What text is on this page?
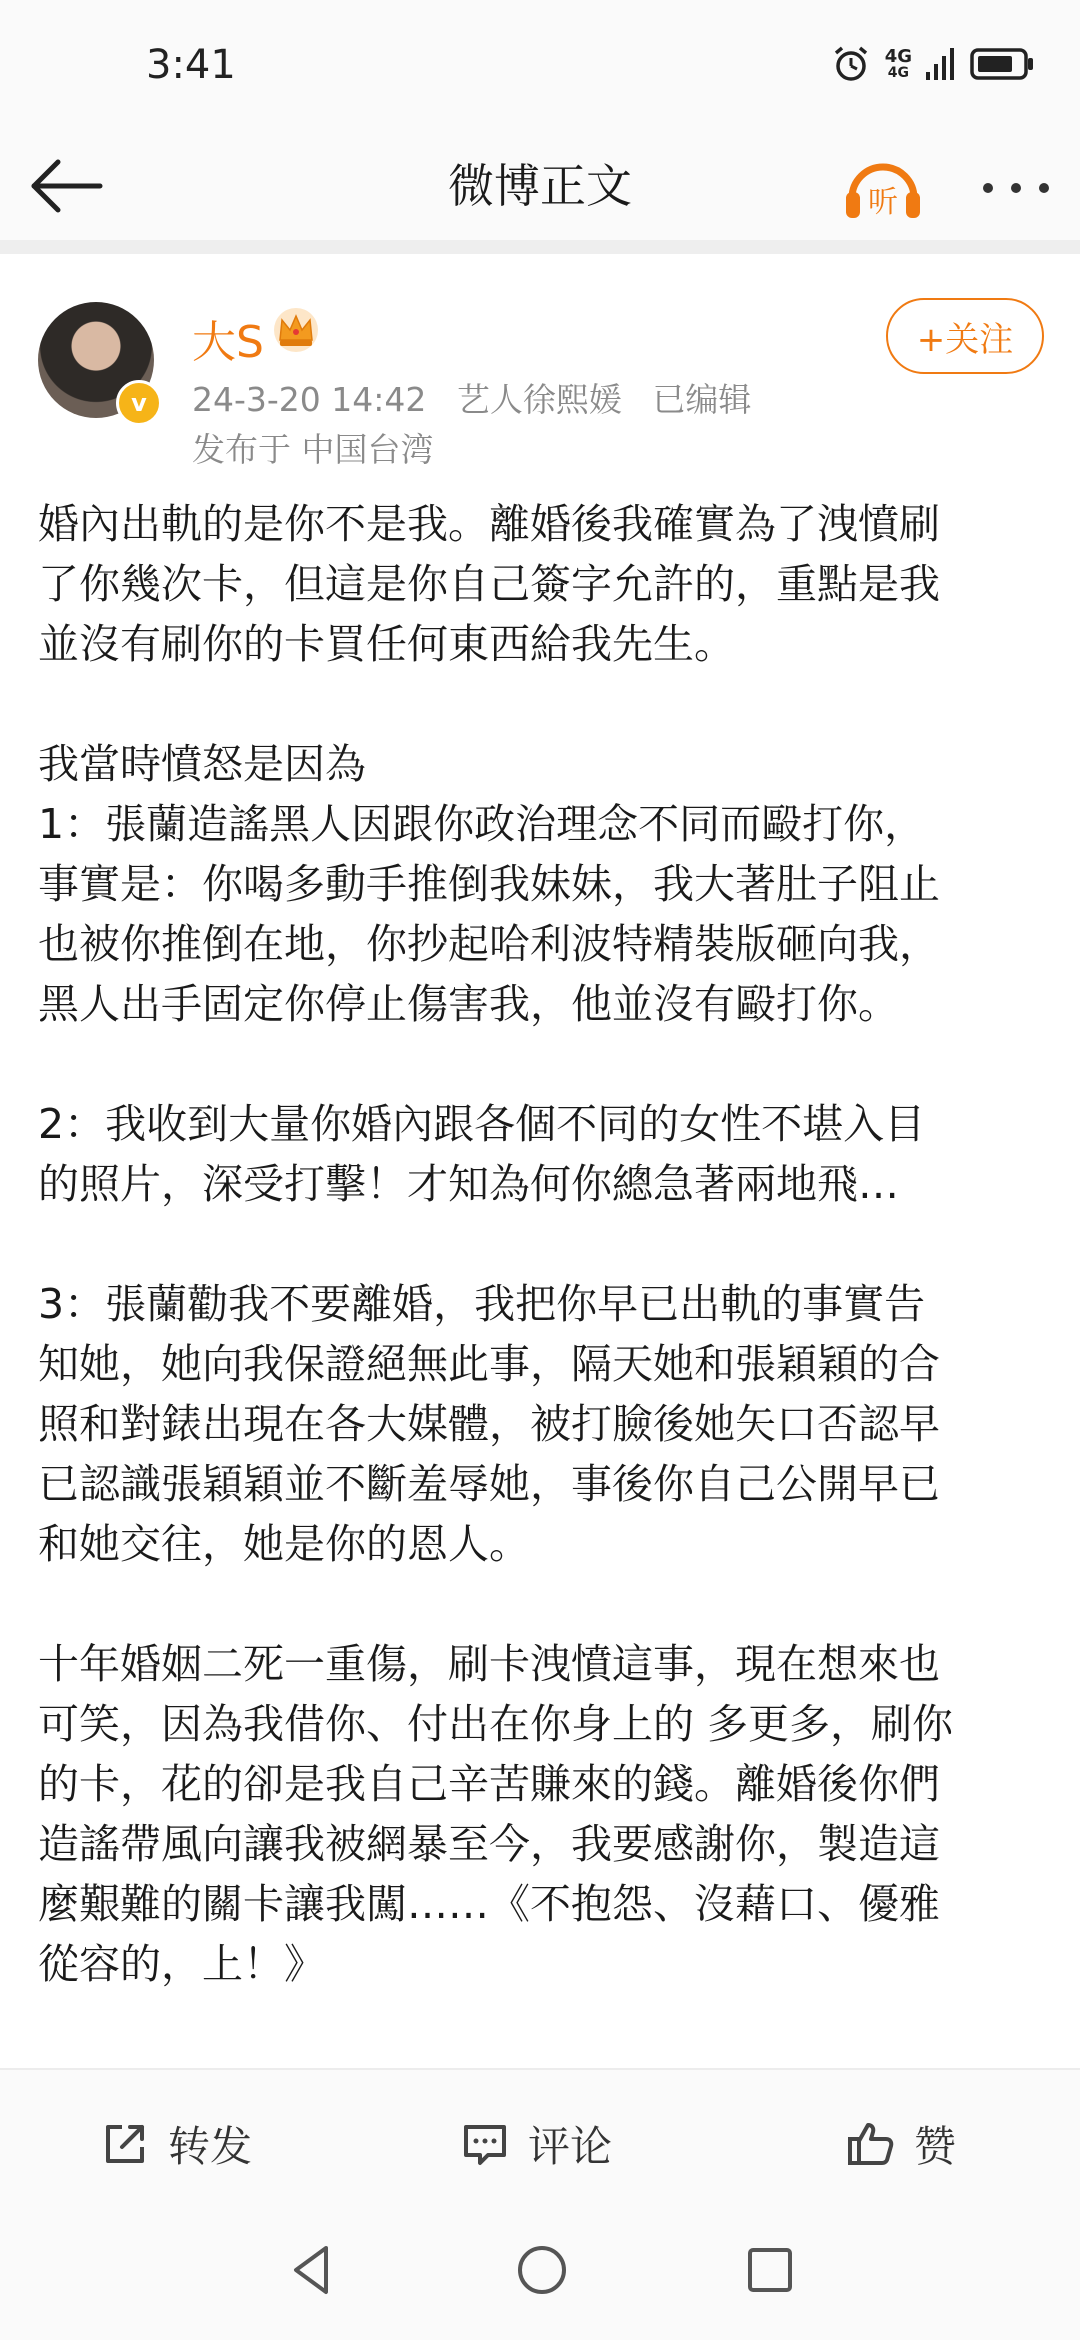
3:41	4G
4G
微博正文	听
v
大S
24-3-20 14:42 艺人徐熙媛 已编辑
发布于 中国台湾
+关注

婚內出軌的是你不是我。離婚後我確實為了洩憤刷
了你幾次卡，但這是你自己簽字允許的，重點是我
並沒有刷你的卡買任何東西給我先生。

我當時憤怒是因為
1：張蘭造謠黑人因跟你政治理念不同而毆打你，
事實是：你喝多動手推倒我妹妹，我大著肚子阻止
也被你推倒在地，你抄起哈利波特精裝版砸向我，
黑人出手固定你停止傷害我，他並沒有毆打你。

2：我收到大量你婚內跟各個不同的女性不堪入目
的照片，深受打擊！才知為何你總急著兩地飛…

3：張蘭勸我不要離婚，我把你早已出軌的事實告
知她，她向我保證絕無此事，隔天她和張穎穎的合
照和對錶出現在各大媒體，被打臉後她矢口否認早
已認識張穎穎並不斷羞辱她，事後你自己公開早已
和她交往，她是你的恩人。

十年婚姻二死一重傷，刷卡洩憤這事，現在想來也
可笑，因為我借你、付出在你身上的 多更多，刷你
的卡，花的卻是我自己辛苦賺來的錢。離婚後你們
造謠帶風向讓我被網暴至今，我要感謝你，製造這
麼艱難的關卡讓我闖……《不抱怨、沒藉口、優雅
從容的，上！》

转发	评论	赞
